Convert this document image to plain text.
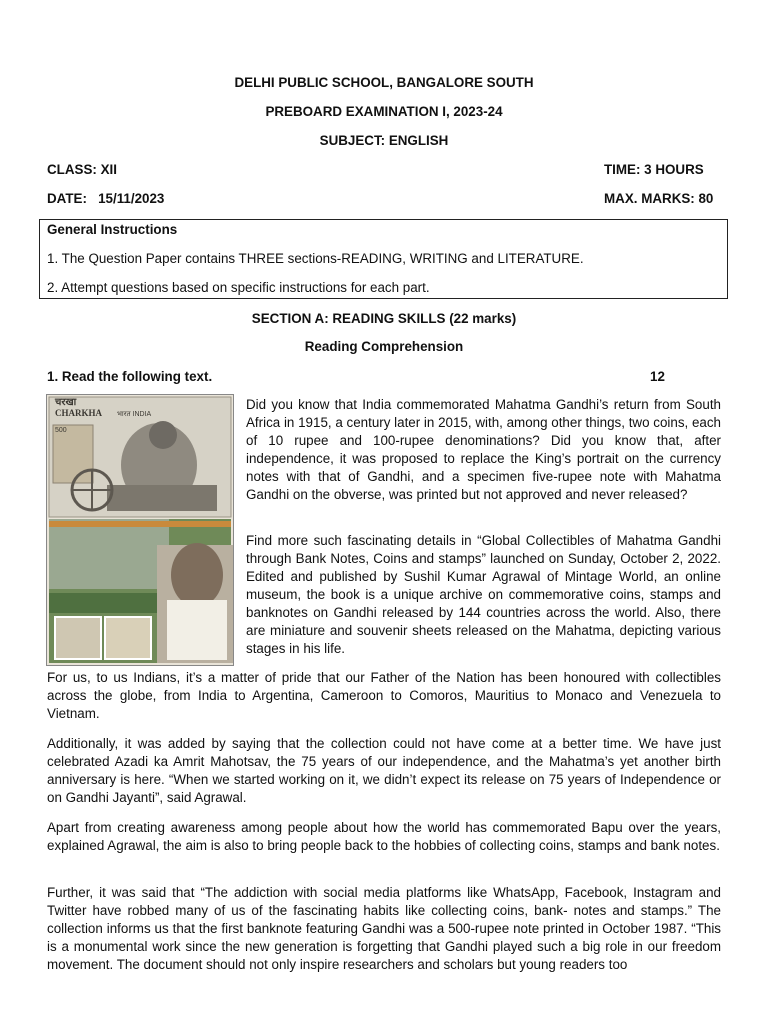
DELHI PUBLIC SCHOOL, BANGALORE SOUTH
PREBOARD EXAMINATION I, 2023-24
SUBJECT: ENGLISH
CLASS: XII	TIME: 3 HOURS
DATE:   15/11/2023	MAX. MARKS: 80
General Instructions
1. The Question Paper contains THREE sections-READING, WRITING and LITERATURE.
2. Attempt questions based on specific instructions for each part.
SECTION A: READING SKILLS (22 marks)
Reading Comprehension
1. Read the following text.	12
चरखा
CHARKHA भारत INDIA
500
Did you know that India commemorated Mahatma Gandhi’s return from South Africa in 1915, a century later in 2015, with, among other things, two coins, each of 10 rupee and 100-rupee denominations? Did you know that, after independence, it was proposed to replace the King’s portrait on the currency notes with that of Gandhi, and a specimen five-rupee note with Mahatma Gandhi on the obverse, was printed but not approved and never released?
Find more such fascinating details in “Global Collectibles of Mahatma Gandhi through Bank Notes, Coins and stamps” launched on Sunday, October 2, 2022. Edited and published by Sushil Kumar Agrawal of Mintage World, an online museum, the book is a unique archive on commemorative coins, stamps and banknotes on Gandhi released by 144 countries across the world. Also, there are miniature and souvenir sheets released on the Mahatma, depicting various stages in his life.
For us, to us Indians, it’s a matter of pride that our Father of the Nation has been honoured with collectibles across the globe, from India to Argentina, Cameroon to Comoros, Mauritius to Monaco and Venezuela to Vietnam.
Additionally, it was added by saying that the collection could not have come at a better time. We have just celebrated Azadi ka Amrit Mahotsav, the 75 years of our independence, and the Mahatma’s yet another birth anniversary is here. “When we started working on it, we didn’t expect its release on 75 years of Independence or on Gandhi Jayanti”, said Agrawal.
Apart from creating awareness among people about how the world has commemorated Bapu over the years, explained Agrawal, the aim is also to bring people back to the hobbies of collecting coins, stamps and bank notes.
Further, it was said that “The addiction with social media platforms like WhatsApp, Facebook, Instagram and Twitter have robbed many of us of the fascinating habits like collecting coins, bank- notes and stamps.” The collection informs us that the first banknote featuring Gandhi was a 500-rupee note printed in October 1987. “This is a monumental work since the new generation is forgetting that Gandhi played such a big role in our freedom movement. The document should not only inspire researchers and scholars but young readers too
